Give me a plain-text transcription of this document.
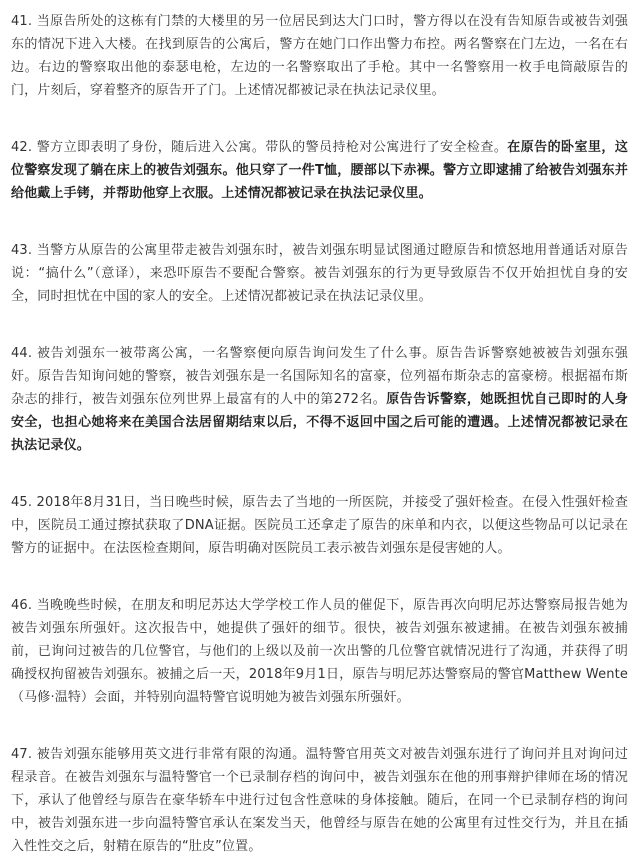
41. 当原告所处的这栋有门禁的大楼里的另一位居民到达大门口时，警方得以在没有告知原告或被告刘强东的情况下进入大楼。在找到原告的公寓后，警方在她门口作出警力布控。两名警察在门左边，一名在右边。右边的警察取出他的泰瑟电枪，左边的一名警察取出了手枪。其中一名警察用一枚手电筒敲原告的门，片刻后，穿着整齐的原告开了门。上述情况都被记录在执法记录仪里。

42. 警方立即表明了身份，随后进入公寓。带队的警员持枪对公寓进行了安全检查。在原告的卧室里，这位警察发现了躺在床上的被告刘强东。他只穿了一件T恤，腰部以下赤裸。警方立即逮捕了给被告刘强东并给他戴上手铐，并帮助他穿上衣服。上述情况都被记录在执法记录仪里。

43. 当警方从原告的公寓里带走被告刘强东时，被告刘强东明显试图通过瞪原告和愤怒地用普通话对原告说：“搞什么”（意译），来恐吓原告不要配合警察。被告刘强东的行为更导致原告不仅开始担忧自身的安全，同时担忧在中国的家人的安全。上述情况都被记录在执法记录仪里。

44. 被告刘强东一被带离公寓，一名警察便向原告询问发生了什么事。原告告诉警察她被被告刘强东强奸。原告告知询问她的警察，被告刘强东是一名国际知名的富豪，位列福布斯杂志的富豪榜。根据福布斯杂志的排行，被告刘强东位列世界上最富有的人中的第272名。原告告诉警察，她既担忧自己即时的人身安全，也担心她将来在美国合法居留期结束以后，不得不返回中国之后可能的遭遇。上述情况都被记录在执法记录仪。

45. 2018年8月31日，当日晚些时候，原告去了当地的一所医院，并接受了强奸检查。在侵入性强奸检查中，医院员工通过擦拭获取了DNA证据。医院员工还拿走了原告的床单和内衣，以便这些物品可以记录在警方的证据中。在法医检查期间，原告明确对医院员工表示被告刘强东是侵害她的人。

46. 当晚晚些时候，在朋友和明尼苏达大学学校工作人员的催促下，原告再次向明尼苏达警察局报告她为被告刘强东所强奸。这次报告中，她提供了强奸的细节。很快，被告刘强东被逮捕。在被告刘强东被捕前，已询问过被告的几位警官，与他们的上级以及前一次出警的几位警官就情况进行了沟通，并获得了明确授权拘留被告刘强东。被捕之后一天，2018年9月1日，原告与明尼苏达警察局的警官Matthew Wente（马修·温特）会面，并特别向温特警官说明她为被告刘强东所强奸。

47. 被告刘强东能够用英文进行非常有限的沟通。温特警官用英文对被告刘强东进行了询问并且对询问过程录音。在被告刘强东与温特警官一个已录制存档的询问中，被告刘强东在他的刑事辩护律师在场的情况下，承认了他曾经与原告在豪华轿车中进行过包含性意味的身体接触。随后，在同一个已录制存档的询问中，被告刘强东进一步向温特警官承认在案发当天，他曾经与原告在她的公寓里有过性交行为，并且在插入性性交之后，射精在原告的“肚皮”位置。
